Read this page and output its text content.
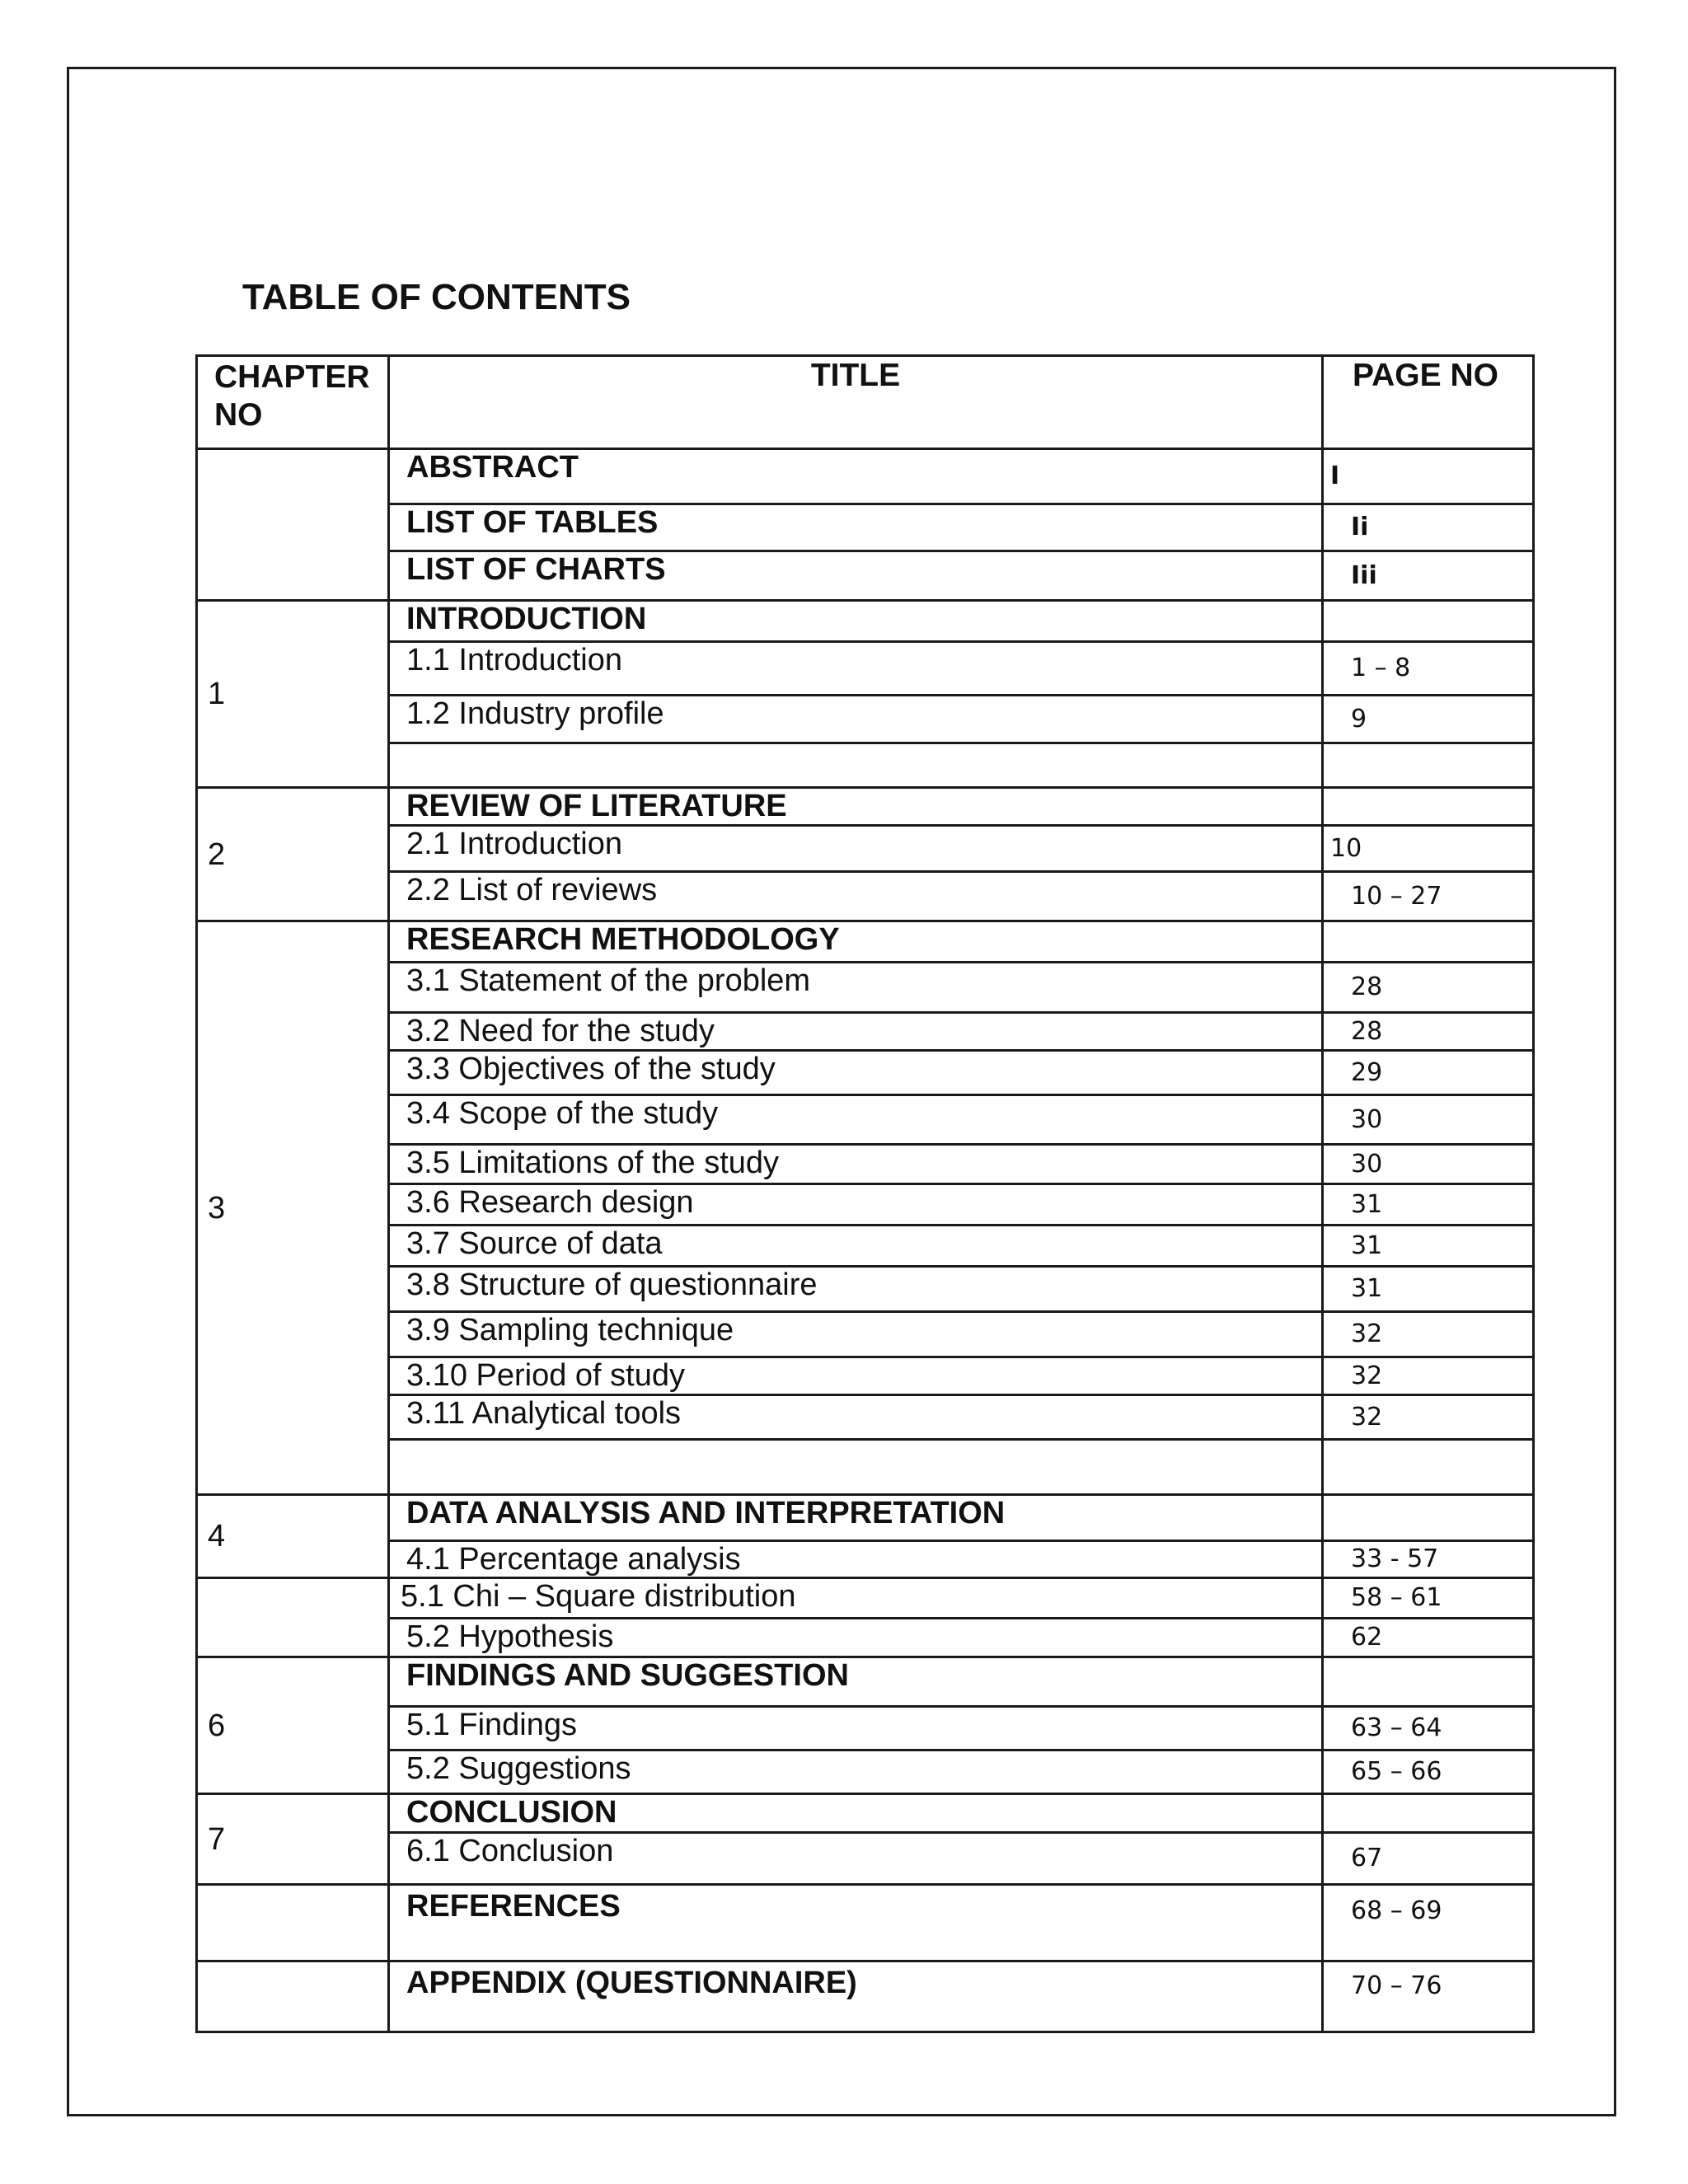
TABLE OF CONTENTS
CHAPTER NO	TITLE	PAGE NO
	ABSTRACT	I
	LIST OF TABLES	Ii
	LIST OF CHARTS	Iii
1	INTRODUCTION	
	1.1 Introduction	1 – 8
	1.2 Industry profile	9

2	REVIEW OF LITERATURE	
	2.1 Introduction	10
	2.2 List of reviews	10 – 27
3	RESEARCH METHODOLOGY	
	3.1 Statement of the problem	28
	3.2 Need for the study	28
	3.3 Objectives of the study	29
	3.4 Scope of the study	30
	3.5 Limitations of the study	30
	3.6 Research design	31
	3.7 Source of data	31
	3.8 Structure of questionnaire	31
	3.9 Sampling technique	32
	3.10 Period of study	32
	3.11 Analytical tools	32

4	DATA ANALYSIS AND INTERPRETATION	
	4.1 Percentage analysis	33 - 57
	5.1 Chi – Square distribution	58 – 61
	5.2 Hypothesis	62
6	FINDINGS AND SUGGESTION	
	5.1 Findings	63 – 64
	5.2 Suggestions	65 – 66
7	CONCLUSION	
	6.1 Conclusion	67
	REFERENCES	68 – 69
	APPENDIX (QUESTIONNAIRE)	70 – 76
